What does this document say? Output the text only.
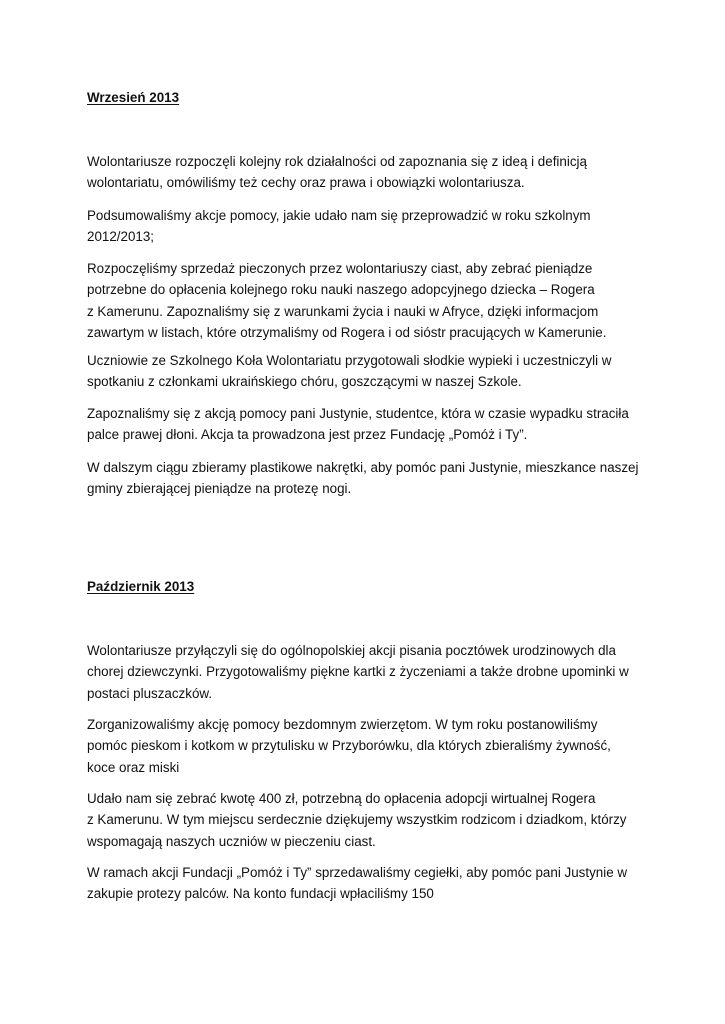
Wrzesień 2013

Wolontariusze rozpoczęli kolejny rok działalności od zapoznania się z ideą i definicją
wolontariatu, omówiliśmy też cechy oraz prawa i obowiązki wolontariusza.

Podsumowaliśmy akcje pomocy, jakie udało nam się przeprowadzić w roku szkolnym
2012/2013;

Rozpoczęliśmy sprzedaż pieczonych przez wolontariuszy ciast, aby zebrać pieniądze
potrzebne do opłacenia kolejnego roku nauki naszego adopcyjnego dziecka – Rogera
z Kamerunu. Zapoznaliśmy się z warunkami życia i nauki w Afryce, dzięki informacjom
zawartym w listach, które otrzymaliśmy od Rogera i od sióstr pracujących w Kamerunie.

Uczniowie ze Szkolnego Koła Wolontariatu przygotowali słodkie wypieki i uczestniczyli w
spotkaniu z członkami ukraińskiego chóru, goszczącymi w naszej Szkole.

Zapoznaliśmy się z akcją pomocy pani Justynie, studentce, która w czasie wypadku straciła
palce prawej dłoni. Akcja ta prowadzona jest przez Fundację „Pomóż i Ty”.

W dalszym ciągu zbieramy plastikowe nakrętki, aby pomóc pani Justynie, mieszkance naszej
gminy zbierającej pieniądze na protezę nogi.

Październik 2013

Wolontariusze przyłączyli się do ogólnopolskiej akcji pisania pocztówek urodzinowych dla
chorej dziewczynki. Przygotowaliśmy piękne kartki z życzeniami a także drobne upominki w
postaci pluszaczków.

Zorganizowaliśmy akcję pomocy bezdomnym zwierzętom. W tym roku postanowiliśmy
pomóc pieskom i kotkom w przytulisku w Przyborówku, dla których zbieraliśmy żywność,
koce oraz miski

Udało nam się zebrać kwotę 400 zł, potrzebną do opłacenia adopcji wirtualnej Rogera
z Kamerunu. W tym miejscu serdecznie dziękujemy wszystkim rodzicom i dziadkom, którzy
wspomagają naszych uczniów w pieczeniu ciast.

W ramach akcji Fundacji „Pomóż i Ty” sprzedawaliśmy cegiełki, aby pomóc pani Justynie w
zakupie protezy palców. Na konto fundacji wpłaciliśmy 150
